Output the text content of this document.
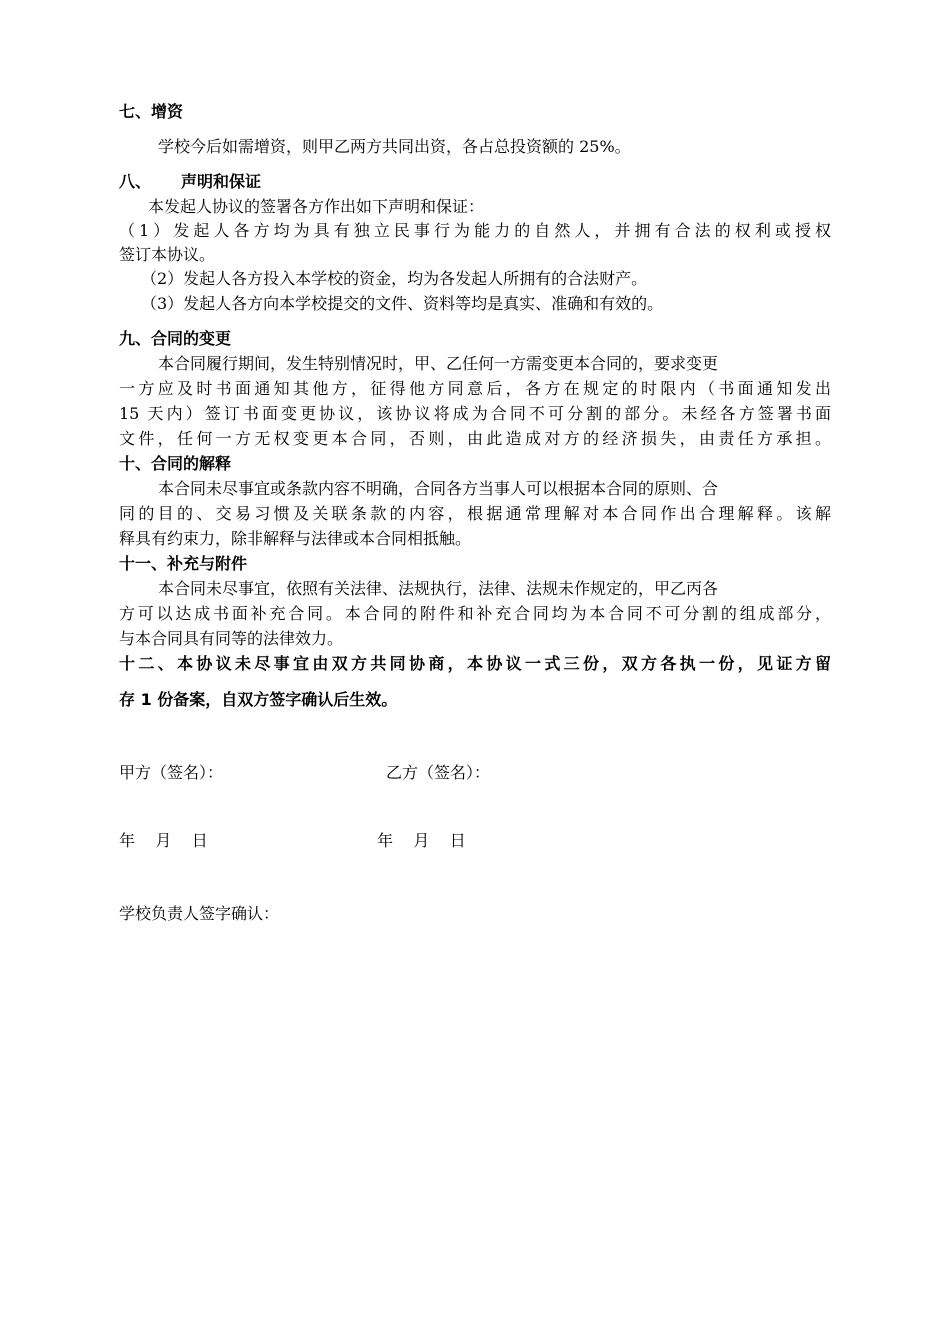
七、增资
学校今后如需增资，则甲乙两方共同出资，各占总投资额的 25%。
八、 声明和保证
本发起人协议的签署各方作出如下声明和保证：
（1）发起人各方均为具有独立民事行为能力的自然人，并拥有合法的权利或授权
签订本协议。
（2）发起人各方投入本学校的资金，均为各发起人所拥有的合法财产。
（3）发起人各方向本学校提交的文件、资料等均是真实、准确和有效的。
九、合同的变更
本合同履行期间，发生特别情况时，甲、乙任何一方需变更本合同的，要求变更
一方应及时书面通知其他方，征得他方同意后，各方在规定的时限内（书面通知发出
15 天内）签订书面变更协议，该协议将成为合同不可分割的部分。未经各方签署书面
文件，任何一方无权变更本合同，否则，由此造成对方的经济损失，由责任方承担。
十、合同的解释
本合同未尽事宜或条款内容不明确，合同各方当事人可以根据本合同的原则、合
同的目的、交易习惯及关联条款的内容，根据通常理解对本合同作出合理解释。该解
释具有约束力，除非解释与法律或本合同相抵触。
十一、补充与附件
本合同未尽事宜，依照有关法律、法规执行，法律、法规未作规定的，甲乙丙各
方可以达成书面补充合同。本合同的附件和补充合同均为本合同不可分割的组成部分，
与本合同具有同等的法律效力。
十二、本协议未尽事宜由双方共同协商，本协议一式三份，双方各执一份，见证方留
存 1 份备案，自双方签字确认后生效。
甲方（签名）：	乙方（签名）：
年    月    日	年    月    日
学校负责人签字确认：
